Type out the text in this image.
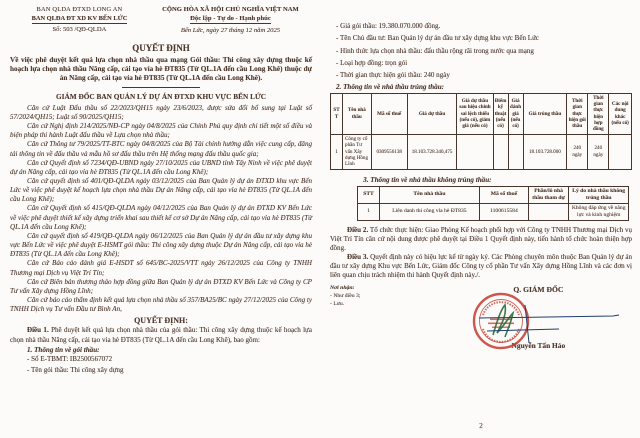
BAN QLDA ĐTXD LONG AN
BAN QLĐA ĐT XD KV BẾN LỨC
Số: 503 /QĐ-QLDA
CỘNG HÒA XÃ HỘI CHỦ NGHĨA VIỆT NAM
Độc lập - Tự do - Hạnh phúc
Bến Lức, ngày 27 tháng 12 năm 2025
QUYẾT ĐỊNH
Về việc phê duyệt kết quả lựa chọn nhà thầu qua mạng Gói thầu: Thi công xây dựng thuộc kế hoạch lựa chọn nhà thầu Nâng cấp, cải tạo vỉa hè ĐT835 (Từ QL.1A đến cầu Long Khê) thuộc dự án Nâng cấp, cải tạo vỉa hè ĐT835 (Từ QL.1A đến cầu Long Khê).
GIÁM ĐỐC BAN QUẢN LÝ DỰ ÁN ĐTXD KHU VỰC BẾN LỨC

Căn cứ Luật Đấu thầu số 22/2023/QH15 ngày 23/6/2023, được sửa đổi bổ sung tại Luật số 57/2024/QH15; Luật số 90/2025/QH15;

Căn cứ Nghị định 214/2025/NĐ-CP ngày 04/8/2025 của Chính Phủ quy định chi tiết một số điều và biện pháp thi hành Luật đấu thầu về Lựa chọn nhà thầu;

Căn cứ Thông tư 79/2025/TT-BTC ngày 04/8/2025 của Bộ Tài chính hướng dẫn việc cung cấp, đăng tải thông tin về đấu thầu và mẫu hồ sơ đấu thầu trên Hệ thống mạng đấu thầu quốc gia;

Căn cứ Quyết định số 7234/QĐ-UBND ngày 27/10/2025 của UBND tỉnh Tây Ninh về việc phê duyệt dự án Nâng cấp, cải tạo vỉa hè ĐT835 (Từ QL.1A đến cầu Long Khê);

Căn cứ quyết định số 401/QĐ-QLDA ngày 03/12/2025 của Ban Quản lý dự án ĐTXD khu vực Bến Lức về việc phê duyệt kế hoạch lựa chọn nhà thầu Dự án Nâng cấp, cải tạo vỉa hè ĐT835 (Từ QL.1A đến cầu Long Khê);

Căn cứ Quyết định số 415/QĐ-QLDA ngày 04/12/2025 của Ban Quản lý dự án ĐTXD KV Bến Lức về việc phê duyệt thiết kế xây dựng triển khai sau thiết kế cơ sở Dự án Nâng cấp, cải tạo vỉa hè ĐT835 (Từ QL.1A đến cầu Long Khê);

Căn cứ quyết định số 419/QĐ-QLDA ngày 06/12/2025 của Ban Quản lý dự án đầu tư xây dựng khu vực Bến Lức về việc phê duyệt E-HSMT gói thầu: Thi công xây dựng thuộc Dự án Nâng cấp, cải tạo vỉa hè ĐT835 (Từ QL.1A đến cầu Long Khê);

Căn cứ Báo cáo đánh giá E-HSDT số 645/BC-2025/VTT ngày 26/12/2025 của Công ty TNHH Thương mại Dịch vụ Việt Trí Tín;

Căn cứ Biên bản thương thảo hợp đồng giữa Ban Quản lý dự án ĐTXD KV Bến Lức và Công ty CP Tư vấn Xây dựng Hồng Lĩnh;

Căn cứ báo cáo thẩm định kết quả lựa chọn nhà thầu số 357/BA25/BC ngày 27/12/2025 của Công ty TNHH Dịch vụ Tư vấn Đầu tư Bình An,

QUYẾT ĐỊNH:

Điều 1. Phê duyệt kết quả lựa chọn nhà thầu của gói thầu: Thi công xây dựng thuộc kế hoạch lựa chọn nhà thầu Nâng cấp, cải tạo vỉa hè ĐT835 (Từ QL.1A đến cầu Long Khê), bao gồm:

1. Thông tin về gói thầu:
- Số E-TBMT: IB2500567072
- Tên gói thầu: Thi công xây dựng
- Giá gói thầu: 19.380.070.000 đồng.
- Tên Chủ đầu tư: Ban Quản lý dự án đầu tư xây dựng khu vực Bến Lức
- Hình thức lựa chọn nhà thầu: đấu thầu rộng rãi trong nước qua mạng
- Loại hợp đồng: trọn gói
- Thời gian thực hiện gói thầu: 240 ngày
2. Thông tin về nhà thầu trúng thầu:
STT	Tên nhà thầu	Mã số thuế	Giá dự thầu	Giá dự thầu sau hiệu chỉnh sai lệch thiếu (nếu có), giảm giá (nếu có)	Điểm kỹ thuật (nếu có)	Giá đánh giá (nếu có)	Giá trúng thầu	Thời gian thực hiện gói thầu	Thời gian thực hiện hợp đồng	Các nội dung khác (nếu có)
1	Công ty cổ phần Tư vấn Xây dựng Hồng Lĩnh	0309556138	18.103.728.340,475				18.103.728.000	240 ngày	240 ngày	
3. Thông tin về nhà thầu không trúng thầu:
STT	Tên nhà thầu	Mã số thuế	Phần/lô nhà thầu tham dự	Lý do nhà thầu không trúng thầu
1	Liên danh thi công vỉa hè ĐT835	1100615584		Không đáp ứng về năng lực và kinh nghiệm

Điều 2. Tổ chức thực hiện: Giao Phòng Kế hoạch phối hợp với Công ty TNHH Thương mại Dịch vụ Việt Trí Tín căn cứ nội dung được phê duyệt tại Điều 1 Quyết định này, tiến hành tổ chức hoàn thiện hợp đồng.

Điều 3. Quyết định này có hiệu lực kể từ ngày ký. Các Phòng chuyên môn thuộc Ban Quản lý dự án đầu tư xây dựng Khu vực Bến Lức, Giám đốc Công ty cổ phần Tư vấn Xây dựng Hồng Lĩnh và các đơn vị liên quan chịu trách nhiệm thi hành Quyết định này./.

Nơi nhận:
- Như điều 3;
- Lưu.
Q. GIÁM ĐỐC
Nguyễn Tấn Hảo
2
